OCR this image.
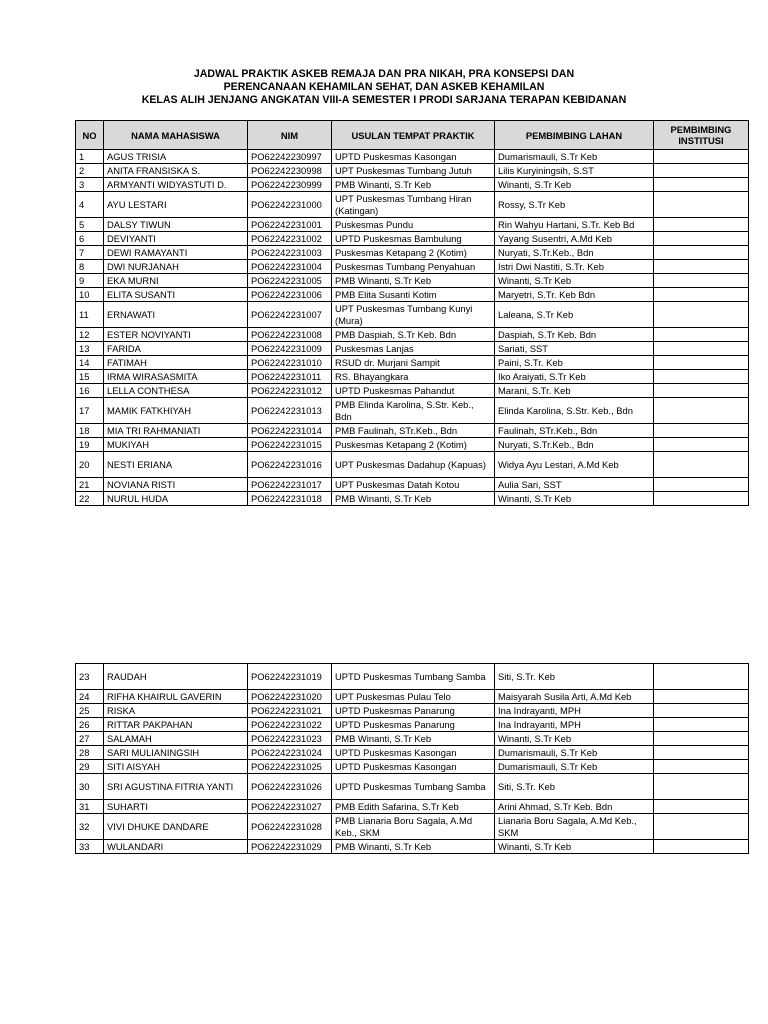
JADWAL PRAKTIK ASKEB REMAJA DAN PRA NIKAH, PRA KONSEPSI DAN
PERENCANAAN KEHAMILAN SEHAT, DAN ASKEB KEHAMILAN
KELAS ALIH JENJANG ANGKATAN VIII-A SEMESTER I PRODI SARJANA TERAPAN KEBIDANAN
NO	NAMA MAHASISWA	NIM	USULAN TEMPAT PRAKTIK	PEMBIMBING LAHAN	PEMBIMBING INSTITUSI
1	AGUS TRISIA	PO62242230997	UPTD Puskesmas Kasongan	Dumarismauli, S.Tr Keb	
2	ANITA FRANSISKA S.	PO62242230998	UPT Puskesmas Tumbang Jutuh	Lilis Kuryiningsih, S.ST	
3	ARMYANTI WIDYASTUTI D.	PO62242230999	PMB Winanti, S.Tr Keb	Winanti, S.Tr Keb	
4	AYU LESTARI	PO62242231000	UPT Puskesmas Tumbang Hiran (Katingan)	Rossy, S.Tr Keb	
5	DALSY TIWUN	PO62242231001	Puskesmas Pundu	Rin Wahyu Hartani, S.Tr. Keb Bd	
6	DEVIYANTI	PO62242231002	UPTD Puskesmas Bambulung	Yayang Susentri, A.Md Keb	
7	DEWI RAMAYANTI	PO62242231003	Puskesmas Ketapang 2 (Kotim)	Nuryati, S.Tr.Keb., Bdn	
8	DWI NURJANAH	PO62242231004	Puskesmas Tumbang Penyahuan	Istri Dwi Nastiti, S.Tr. Keb	
9	EKA MURNI	PO62242231005	PMB Winanti, S.Tr Keb	Winanti, S.Tr Keb	
10	ELITA SUSANTI	PO62242231006	PMB Elita Susanti Kotim	Maryetri, S.Tr. Keb Bdn	
11	ERNAWATI	PO62242231007	UPT Puskesmas Tumbang Kunyi (Mura)	Laleana, S.Tr Keb	
12	ESTER NOVIYANTI	PO62242231008	PMB Daspiah, S.Tr Keb. Bdn	Daspiah, S.Tr Keb. Bdn	
13	FARIDA	PO62242231009	Puskesmas Lanjas	Sariati, SST	
14	FATIMAH	PO62242231010	RSUD dr. Murjani Sampit	Paini, S.Tr. Keb	
15	IRMA WIRASASMITA	PO62242231011	RS. Bhayangkara	Iko Araiyati, S.Tr Keb	
16	LELLA CONTHESA	PO62242231012	UPTD Puskesmas Pahandut	Marani, S.Tr. Keb	
17	MAMIK FATKHIYAH	PO62242231013	PMB Elinda Karolina, S.Str. Keb., Bdn	Elinda Karolina, S.Str. Keb., Bdn	
18	MIA TRI RAHMANIATI	PO62242231014	PMB Faulinah, STr.Keb., Bdn	Faulinah, STr.Keb., Bdn	
19	MUKIYAH	PO62242231015	Puskesmas Ketapang 2 (Kotim)	Nuryati, S.Tr.Keb., Bdn	
20	NESTI ERIANA	PO62242231016	UPT Puskesmas Dadahup (Kapuas)	Widya Ayu Lestari, A.Md Keb	
21	NOVIANA RISTI	PO62242231017	UPT Puskesmas Datah Kotou	Aulia Sari, SST	
22	NURUL HUDA	PO62242231018	PMB Winanti, S.Tr Keb	Winanti, S.Tr Keb	
23	RAUDAH	PO62242231019	UPTD Puskesmas Tumbang Samba	Siti, S.Tr. Keb	
24	RIFHA KHAIRUL GAVERIN	PO62242231020	UPT Puskesmas Pulau Telo	Maisyarah Susila Arti, A.Md Keb	
25	RISKA	PO62242231021	UPTD Puskesmas Panarung	Ina Indrayanti, MPH	
26	RITTAR PAKPAHAN	PO62242231022	UPTD Puskesmas Panarung	Ina Indrayanti, MPH	
27	SALAMAH	PO62242231023	PMB Winanti, S.Tr Keb	Winanti, S.Tr Keb	
28	SARI MULIANINGSIH	PO62242231024	UPTD Puskesmas Kasongan	Dumarismauli, S.Tr Keb	
29	SITI AISYAH	PO62242231025	UPTD Puskesmas Kasongan	Dumarismauli, S.Tr Keb	
30	SRI AGUSTINA FITRIA YANTI	PO62242231026	UPTD Puskesmas Tumbang Samba	Siti, S.Tr. Keb	
31	SUHARTI	PO62242231027	PMB Edith Safarina, S.Tr Keb	Arini Ahmad, S.Tr Keb. Bdn	
32	VIVI DHUKE DANDARE	PO62242231028	PMB Lianaria Boru Sagala, A.Md Keb., SKM	Lianaria Boru Sagala, A.Md Keb., SKM	
33	WULANDARI	PO62242231029	PMB Winanti, S.Tr Keb	Winanti, S.Tr Keb	
